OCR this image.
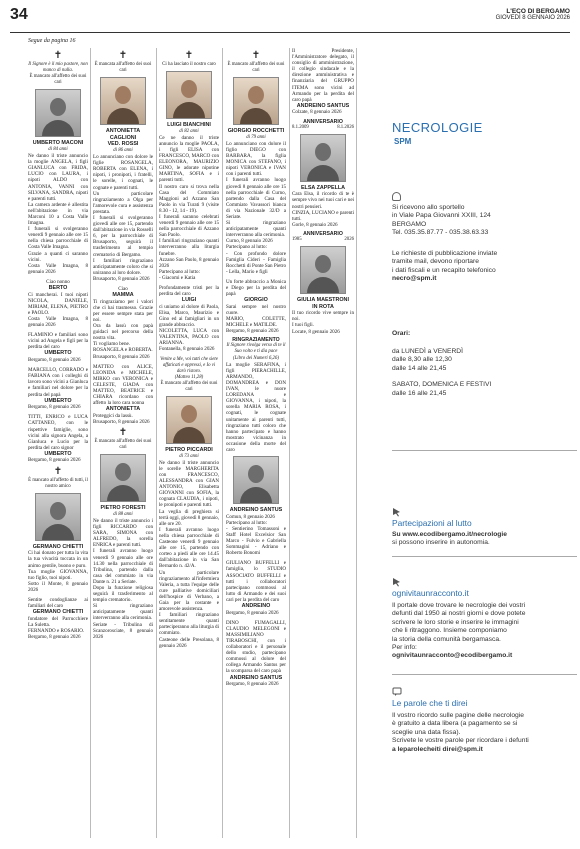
34	L'ECO DI BERGAMO
GIOVEDÌ 8 GENNAIO 2026
Segue da pagina 16
✝
Il Signore è il mio pastore, non manco di nulla.
È mancato all'affetto dei suoi cari
UMBERTO MACONI
di 84 anni
Ne danno il triste annuncio la moglie ANGELA, i figli GIANLUCA con FRIDA, LUCIO con LAURA, i nipoti ALDO con ANTONIA, VANNI con SILVANA, SANDRA, nipoti e parenti tutti.
La camera ardente è allestita nell'abitazione in via Marconi 10 a Costa Valle Imagna.
I funerali si svolgeranno venerdì 9 gennaio alle ore 15 nella chiesa parrocchiale di Costa Valle Imagna.
Grazie a quanti ci saranno vicini.
Costa Valle Imagna, 8 gennaio 2026
Ciao nonno
BERTO
Ci mancherai. I tuoi nipoti NICOLA, DANIELE, MIRIAM, ELENA, PIETRO e PAOLO.
Costa Valle Imagna, 8 gennaio 2026
FLAMINIO e familiari sono vicini ad Angela e figli per la perdita del caro
UMBERTO
Bergamo, 8 gennaio 2026
MARCELLO, CORRADO e FABIANA con i colleghi di lavoro sono vicini a Gianluca e familiari nel dolore per la perdita del papà
UMBERTO
Bergamo, 8 gennaio 2026
TITTI, ENRICO e LUCA CATTANEO, con le rispettive famiglie, sono vicini alla signora Angela, a Gianluca e Lucio per la perdita del caro signor
UMBERTO
Bergamo, 8 gennaio 2026
✝
È mancato all'affetto di tutti, il nostro amico
GERMANO CHIETTI
Ci hai donato per tutta la vita la tua vivacità toccata in un animo gentile, buono e puro.
Tua moglie GIOVANNA, tuo figlio, tuoi nipoti.
Sotto il Monte, 8 gennaio 2026
Sentite condoglianze ai familiari del caro
GERMANO CHIETTI
fondatore del Parrucchiere La Suletta.
FERNANDO e ROSARIO.
Bergamo, 8 gennaio 2026
✝
È mancata all'affetto dei suoi cari
ANTONIETTA CAGLIONI
VED. ROSSI
di 86 anni
Lo annunciano con dolore le figlie ROSANGELA, ROBERTA con ELENA, i nipoti, i pronipoti, i fratelli, le sorelle, i cognati, le cognate e parenti tutti.
Un particolare ringraziamento a Olga per l'amorevole cura e assistenza prestata.
I funerali si svolgeranno giovedì alle ore 15, partendo dall'abitazione in via Rosselli 6, per la parrocchiale di Brusaporto, seguirà il trasferimento al tempio crematorio di Bergamo.
I familiari ringraziano anticipatamente coloro che si uniranno al loro dolore.
Brusaporto, 8 gennaio 2026
Ciao
MAMMA
Ti ringraziamo per i valori che ci hai trasmesso. Grazie per essere sempre stata per noi.
Ora da lassù con papà guidaci nel percorso della nostra vita.
Ti vogliamo bene.
ROSANGELA e ROBERTA.
Brusaporto, 8 gennaio 2026
MATTEO con ALICE, LEONIDA e MICHELE, MIRKO con VERONICA e CELESTE, GIADA con MATTEO, BEATRICE e CHIARA ricordano con affetto la loro cara nonna
ANTONIETTA
Proteggici da lassù.
Brusaporto, 8 gennaio 2026
✝
È mancato all'affetto dei suoi cari
PIETRO FORESTI
di 88 anni
Ne danno il triste annuncio i figli RICCARDO con SARA, SIMONA con ALFREDO, la sorella ENRICA e parenti tutti.
I funerali avranno luogo venerdì 9 gennaio alle ore 14.30 nella parrocchiale di Tribulina, partendo dalla casa del commiato in via Dante n. 21 a Seriate.
Dopo la funzione religiosa seguirà il trasferimento al tempio crematorio.
Si ringraziano anticipatamente quanti interverranno alla cerimonia.
Seriate - Tribulina di Scanzorosciate, 8 gennaio 2026
✝
Ci ha lasciato il nostro caro
LUIGI BIANCHINI
di 82 anni
Ce ne danno il triste annuncio la moglie PAOLA, i figli ELISA con FRANCESCO, MARCO con ELEONORA, MAURIZIO GINO, le adorate nipotine MARTINA, SOFIA e i parenti tutti.
Il nostro caro si trova nella Casa del Commiato Maggioni ad Azzano San Paolo in via Turati 9 (visite 8.30 - 12, 14 - 19).
I funerali saranno celebrati venerdì 9 gennaio alle ore 15 nella parrocchiale di Azzano San Paolo.
I familiari ringraziano quanti interverranno alla liturgia funebre.
Azzano San Paolo, 8 gennaio 2026
Partecipano al lutto:
- Giacomi e Katia
Profondamente tristi per la perdita del caro
LUIGI
ci uniamo al dolore di Paola, Elisa, Marco, Maurizio e Gino ed ai famigliari in un grande abbraccio.
NICOLETTA, LUCA con VALENTINA, PAOLO con ARIANNA.
Fontanella, 8 gennaio 2026
Venite a Me, voi tutti che siete affaticati e oppressi, e Io vi darò ristoro.
(Matteo 11,28)
È mancato all'affetto dei suoi cari
PIETRO PICCARDI
di 73 anni
Ne danno il triste annuncio le sorelle MARGHERITA con FRANCESCO, ALESSANDRA con GIAN ANTONIO, Elisabetta GIOVANNI con SOFIA, la cognata CLAUDIA, i nipoti, le pronipoti e parenti tutti.
La veglia di preghiera si terrà oggi, giovedì 8 gennaio, alle ore 20.
I funerali avranno luogo nella chiesa parrocchiale di Casteone venerdì 9 gennaio alle ore 15, partendo con corteo a piedi alle ore 14.45 dall'abitazione in via San Bernardo n. 42/A.
Un particolare ringraziamento all'infermiera Valeria, a tutta l'equipe delle cure palliative domiciliari dell'hospice di Verbano, a Gaia per la costante e amorevole assistenza.
I familiari ringraziano sentitamente quanti parteciperanno alla liturgia di commiato.
Casteone delle Presolana, 8 gennaio 2026
✝
È mancato all'affetto dei suoi cari
GIORGIO ROCCHETTI
di 79 anni
Lo annunciano con dolore il figlio DIEGO con BARBARA, la figlia MONICA con STEFANO, i nipoti VERONICA e IVAN con i parenti tutti.
I funerali avranno luogo giovedì 8 gennaio alle ore 15 nella parrocchiale di Curno, partendo dalla Casa del Commiato Vavassori bianca di via Nazionale 32/D a Seriate.
Si ringraziano anticipatamente quanti interverranno alla cerimonia.
Curno, 8 gennaio 2026
Partecipano al lutto:
- Con profondo dolore Famiglia Cideri - Famiglia Rocchetti di Ponte San Pietro - Lella, Mario e figli
Un forte abbraccio a Monica e Diego per la perdita del papà
GIORGIO
Sarai sempre nel nostro cuore.
MARIO, COLETTE, MICHELE e MATILDE.
Bergamo, 8 gennaio 2026
RINGRAZIAMENTO
Il Signore rivolga verso di te il Suo volto e ti dia pace
(Libro dei Numeri 6,26)
La moglie SERAFINA, i figli PIERACHILLE, ARMANDO, DOMANDREA e DON IVAN, le nuore LOREDANA e GIOVANNA, i nipoti, la sorella MARIA ROSA, i cognati, le cognate unitamente ai parenti tutti, ringraziano tutti coloro che hanno partecipato e hanno mostrato vicinanza in occasione della morte del caro
ANDREINO SANTUS
Comun, 8 gennaio 2026
Partecipano al lutto:
- Sentierino Tomassoni e Staff Hotel Excelsior San Marco - Fulvio e Gabriella Sommagini - Adriano e Roberto Bonomi
GIULIANO BUFFELLI e famiglia, lo STUDIO ASSOCIATO BUFFELLI e tutti i collaboratori partecipano commossi al lutto di Armando e dei suoi cari per la perdita del caro
ANDREINO
Bergamo, 8 gennaio 2026
DINO FUMAGALLI, CLAUDIO MELEGONI e MASSIMILIANO TIRABOSCHI, con i collaboratori e il personale dello studio, partecipano commossi al dolore del collega Armando Santus per la scomparsa del caro papà
ANDREINO SANTUS
Bergamo, 8 gennaio 2026
Il Presidente, l'Amministratore delegato, il consiglio di amministrazione, il collegio sindacale e la direzione amministrativa e finanziaria del GRUPPO ITEMA sono vicini ad Armando per la perdita del caro papà
ANDREINO SANTUS
Colzate, 8 gennaio 2026
ANNIVERSARIO
8.1.2009	8.1.2026
ELSA ZAPPELLA
Cara Elsa, il ricordo di te è sempre vivo nei tuoi cari e nei nostri pensieri.
CINZIA, LUCIANO e parenti tutti.
Gorle, 8 gennaio 2026
ANNIVERSARIO
1985	2026
GIULIA MAESTRONI
IN ROTA
Il tuo ricordo vive sempre in noi.
I tuoi figli.
Locate, 8 gennaio 2026
NECROLOGIE
SPM
Si ricevono allo sportello
in Viale Papa Giovanni XXIII, 124
BERGAMO
Tel. 035.35.87.77 - 035.38.63.33
Le richieste di pubblicazione inviate
tramite mail, devono riportare
i dati fiscali e un recapito telefonico
necro@spm.it
Orari:
da LUNEDÌ a VENERDÌ
dalle 8,30 alle 12,30
dalle 14 alle 21,45
SABATO, DOMENICA E FESTIVI
dalle 16 alle 21,45
Partecipazioni al lutto
Su www.ecodibergamo.it/necrologie
si possono inserire in autonomia.
ognivitaunracconto.it
Il portale dove trovare le necrologie dei vostri
defunti dal 1950 ai nostri giorni e dove potete
scrivere le loro storie e inserire le immagini
che li ritraggono. Insieme componiamo
la storia della comunità bergamasca.
Per info:
ognivitaunracconto@ecodibergamo.it
Le parole che ti direi
Il vostro ricordo sulle pagine delle necrologie
è gratuito a data libera (a pagamento se si
sceglie una data fissa).
Scrivete le vostre parole per ricordare i defunti
a leparolecheiti direi@spm.it
